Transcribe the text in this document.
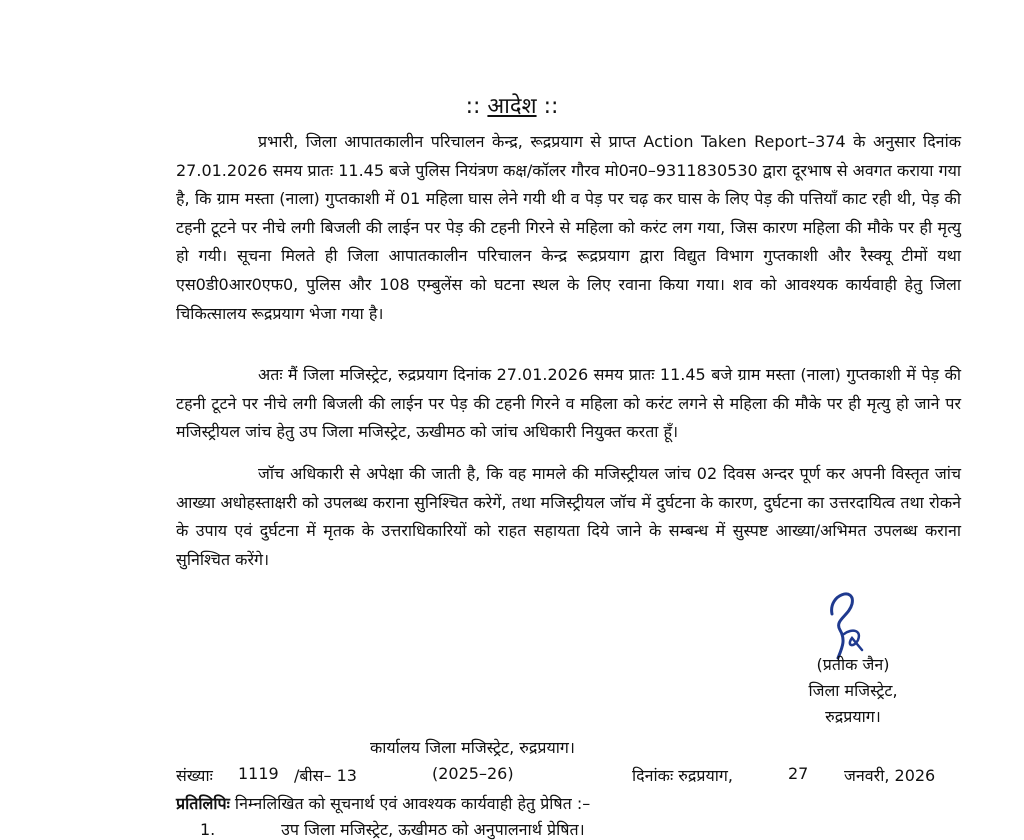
:: आदेश ::

प्रभारी, जिला आपातकालीन परिचालन केन्द्र, रूद्रप्रयाग से प्राप्त Action Taken Report–374 के अनुसार दिनांक 27.01.2026 समय प्रातः 11.45 बजे पुलिस नियंत्रण कक्ष/कॉलर गौरव मो0न0–9311830530 द्वारा दूरभाष से अवगत कराया गया है, कि ग्राम मस्ता (नाला) गुप्तकाशी में 01 महिला घास लेने गयी थी व पेड़ पर चढ़ कर घास के लिए पेड़ की पत्तियॉं काट रही थी, पेड़ की टहनी टूटने पर नीचे लगी बिजली की लाईन पर पेड़ की टहनी गिरने से महिला को करंट लग गया, जिस कारण महिला की मौके पर ही मृत्यु हो गयी। सूचना मिलते ही जिला आपातकालीन परिचालन केन्द्र रूद्रप्रयाग द्वारा विद्युत विभाग गुप्तकाशी और रैस्क्यू टीमों यथा एस0डी0आर0एफ0, पुलिस और 108 एम्बुलेंस को घटना स्थल के लिए रवाना किया गया। शव को आवश्यक कार्यवाही हेतु जिला चिकित्सालय रूद्रप्रयाग भेजा गया है।

अतः मैं जिला मजिस्ट्रेट, रुद्रप्रयाग दिनांक 27.01.2026 समय प्रातः 11.45 बजे ग्राम मस्ता (नाला) गुप्तकाशी में पेड़ की टहनी टूटने पर नीचे लगी बिजली की लाईन पर पेड़ की टहनी गिरने व महिला को करंट लगने से महिला की मौके पर ही मृत्यु हो जाने पर मजिस्ट्रीयल जांच हेतु उप जिला मजिस्ट्रेट, ऊखीमठ को जांच अधिकारी नियुक्त करता हूँ।

जॉच अधिकारी से अपेक्षा की जाती है, कि वह मामले की मजिस्ट्रीयल जांच 02 दिवस अन्दर पूर्ण कर अपनी विस्तृत जांच आख्या अधोहस्ताक्षरी को उपलब्ध कराना सुनिश्चित करेगें, तथा मजिस्ट्रीयल जॉच में दुर्घटना के कारण, दुर्घटना का उत्तरदायित्व तथा रोकने के उपाय एवं दुर्घटना में मृतक के उत्तराधिकारियों को राहत सहायता दिये जाने के सम्बन्ध में सुस्पष्ट आख्या/अभिमत उपलब्ध कराना सुनिश्चित करेंगे।

(प्रतीक जैन)
जिला मजिस्ट्रेट,
रुद्रप्रयाग।
कार्यालय जिला मजिस्ट्रेट, रुद्रप्रयाग।
संख्याः 1119 /बीस– 13	(2025–26)	दिनांकः रुद्रप्रयाग,	27 जनवरी, 2026
प्रतिलिपिः निम्नलिखित को सूचनार्थ एवं आवश्यक कार्यवाही हेतु प्रेषित :–
1.	उप जिला मजिस्ट्रेट, ऊखीमठ को अनुपालनार्थ प्रेषित।
